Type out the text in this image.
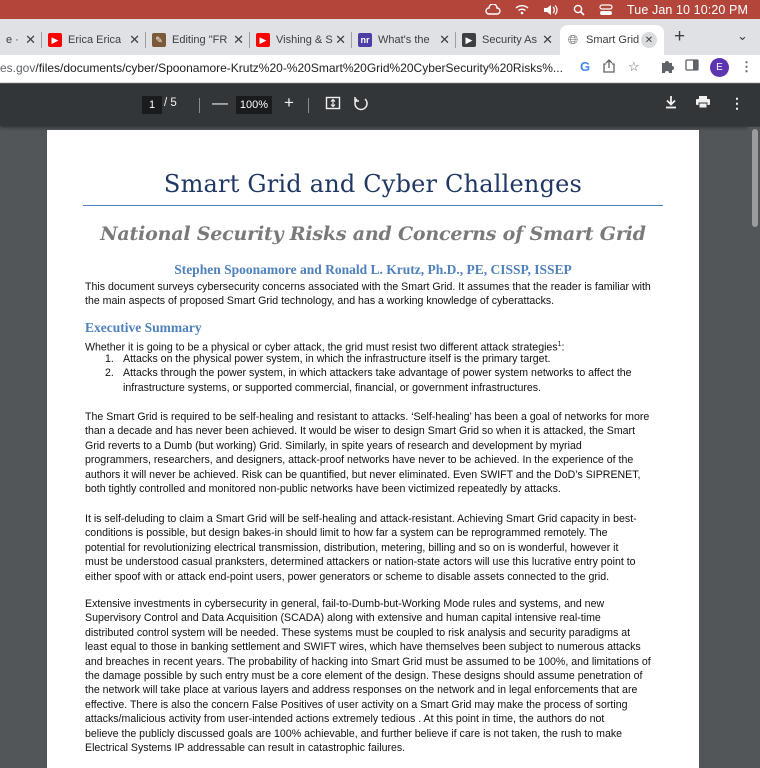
Tue Jan 10 10:20 PM
e · ✕	▶ Erica Erica ✕	✎ Editing "FR ✕	▶ Vishing & S ✕ nr What's the ✕	▶ Security As ✕ 🌐︎ Smart Grid ✕ +	⌄
es.gov/files/documents/cyber/Spoonamore-Krutz%20-%20Smart%20Grid%20CyberSecurity%20Risks%... G	☆	E	⋮
1 / 5 —	100% +	⋮
Smart Grid and Cyber Challenges
National Security Risks and Concerns of Smart Grid
Stephen Spoonamore and Ronald L. Krutz, Ph.D., PE, CISSP, ISSEP
This document surveys cybersecurity concerns associated with the Smart Grid. It assumes that the reader is familiar with the main aspects of proposed Smart Grid technology, and has a working knowledge of cyberattacks.
Executive Summary
Whether it is going to be a physical or cyber attack, the grid must resist two different attack strategies$^1$:
1. Attacks on the physical power system, in which the infrastructure itself is the primary target.
2. Attacks through the power system, in which attackers take advantage of power system networks to affect the infrastructure systems, or supported commercial, financial, or government infrastructures.
The Smart Grid is required to be self-healing and resistant to attacks. ‘Self-healing’ has been a goal of networks for more
than a decade and has never been achieved. It would be wiser to design Smart Grid so when it is attacked, the Smart
Grid reverts to a Dumb (but working) Grid. Similarly, in spite years of research and development by myriad
programmers, researchers, and designers, attack-proof networks have never to be achieved. In the experience of the
authors it will never be achieved. Risk can be quantified, but never eliminated. Even SWIFT and the DoD’s SIPRENET,
both tightly controlled and monitored non-public networks have been victimized repeatedly by attacks.
It is self-deluding to claim a Smart Grid will be self-healing and attack-resistant. Achieving Smart Grid capacity in best-
conditions is possible, but design bakes-in should limit to how far a system can be reprogrammed remotely. The
potential for revolutionizing electrical transmission, distribution, metering, billing and so on is wonderful, however it
must be understood casual pranksters, determined attackers or nation-state actors will use this lucrative entry point to
either spoof with or attack end-point users, power generators or scheme to disable assets connected to the grid.
Extensive investments in cybersecurity in general, fail-to-Dumb-but-Working Mode rules and systems, and new
Supervisory Control and Data Acquisition (SCADA) along with extensive and human capital intensive real-time
distributed control system will be needed. These systems must be coupled to risk analysis and security paradigms at
least equal to those in banking settlement and SWIFT wires, which have themselves been subject to numerous attacks
and breaches in recent years. The probability of hacking into Smart Grid must be assumed to be 100%, and limitations of
the damage possible by such entry must be a core element of the design. These designs should assume penetration of
the network will take place at various layers and address responses on the network and in legal enforcements that are
effective. There is also the concern False Positives of user activity on a Smart Grid may make the process of sorting
attacks/malicious activity from user-intended actions extremely tedious . At this point in time, the authors do not
believe the publicly discussed goals are 100% achievable, and further believe if care is not taken, the rush to make
Electrical Systems IP addressable can result in catastrophic failures.
